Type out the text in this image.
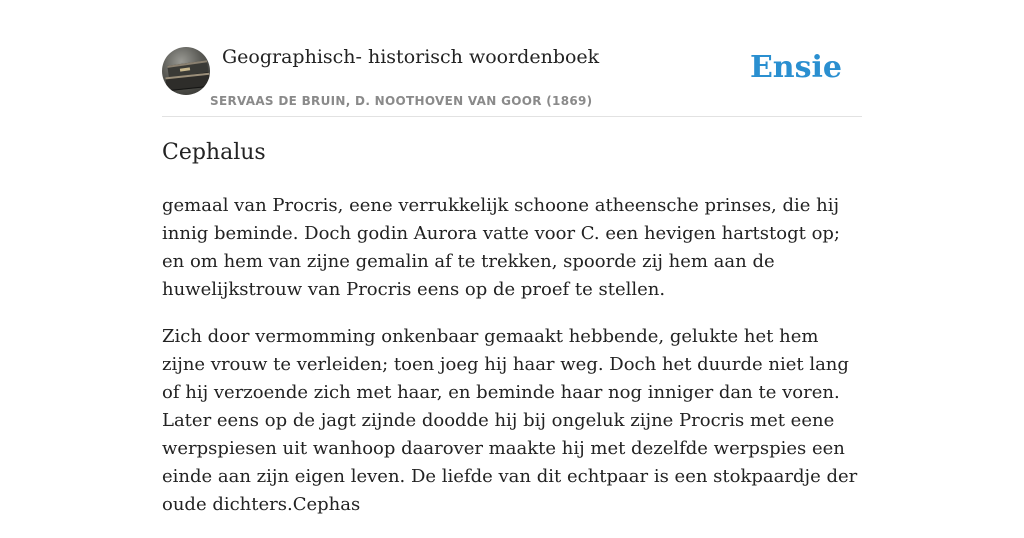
Geographisch- historisch woordenboek
SERVAAS DE BRUIN, D. NOOTHOVEN VAN GOOR (1869)
Ensie
Cephalus

gemaal van Procris, eene verrukkelijk schoone atheensche prinses, die hij innig beminde. Doch godin Aurora vatte voor C. een hevigen hartstogt op; en om hem van zijne gemalin af te trekken, spoorde zij hem aan de huwelijkstrouw van Procris eens op de proef te stellen.

Zich door vermomming onkenbaar gemaakt hebbende, gelukte het hem zijne vrouw te verleiden; toen joeg hij haar weg. Doch het duurde niet lang of hij verzoende zich met haar, en beminde haar nog inniger dan te voren. Later eens op de jagt zijnde doodde hij bij ongeluk zijne Procris met eene werpspiesen uit wanhoop daarover maakte hij met dezelfde werpspies een einde aan zijn eigen leven. De liefde van dit echtpaar is een stokpaardje der oude dichters.Cephas
